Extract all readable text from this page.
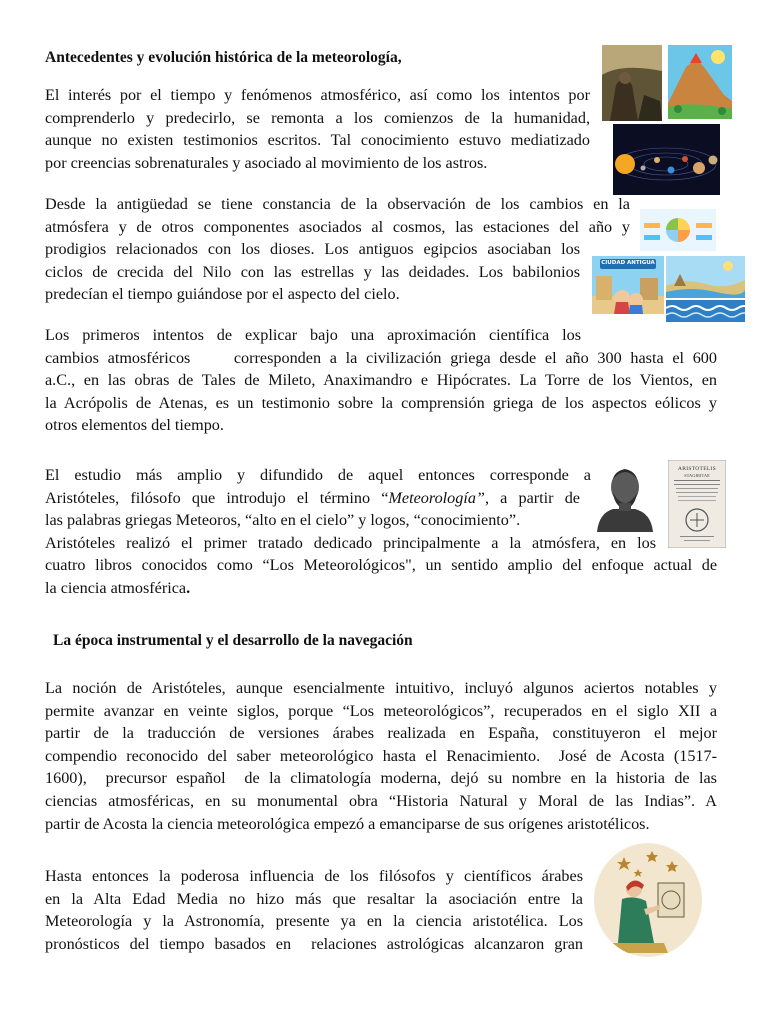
Antecedentes y evolución histórica de la meteorología,

El interés por el tiempo y fenómenos atmosférico, así como los intentos por
comprenderlo y predecirlo, se remonta a los comienzos de la humanidad,
aunque no existen testimonios escritos. Tal conocimiento estuvo mediatizado
por creencias sobrenaturales y asociado al movimiento de los astros.
Desde la antigüedad se tiene constancia de la observación de los cambios en la
atmósfera y de otros componentes asociados al cosmos, las estaciones del año y
prodigios relacionados con los dioses. Los antiguos egipcios asociaban los
ciclos de crecida del Nilo con las estrellas y las deidades. Los babilonios
predecían el tiempo guiándose por el aspecto del cielo.
Los primeros intentos de explicar bajo una aproximación científica los
cambios atmosféricos     corresponden a la civilización griega desde el año 300 hasta el 600
a.C., en las obras de Tales de Mileto, Anaximandro e Hipócrates. La Torre de los Vientos, en
la Acrópolis de Atenas, es un testimonio sobre la comprensión griega de los aspectos eólicos y
otros elementos del tiempo.
El estudio más amplio y difundido de aquel entonces corresponde a
Aristóteles, filósofo que introdujo el término “Meteorología”, a partir de
las palabras griegas Meteoros, “alto en el cielo” y logos, “conocimiento”.
Aristóteles realizó el primer tratado dedicado principalmente a la atmósfera, en los
cuatro libros conocidos como “Los Meteorológicos", un sentido amplio del enfoque actual de
la ciencia atmosférica.

La época instrumental y el desarrollo de la navegación

La noción de Aristóteles, aunque esencialmente intuitivo, incluyó algunos aciertos notables y
permite avanzar en veinte siglos, porque “Los meteorológicos”, recuperados en el siglo XII a
partir de la traducción de versiones árabes realizada en España, constituyeron el mejor
compendio reconocido del saber meteorológico hasta el Renacimiento.  José de Acosta (1517-
1600),  precursor español  de la climatología moderna, dejó su nombre en la historia de las
ciencias atmosféricas, en su monumental obra “Historia Natural y Moral de las Indias”. A
partir de Acosta la ciencia meteorológica empezó a emanciparse de sus orígenes aristotélicos.
Hasta entonces la poderosa influencia de los filósofos y científicos árabes
en la Alta Edad Media no hizo más que resaltar la asociación entre la
Meteorología y la Astronomía, presente ya en la ciencia aristotélica. Los
pronósticos del tiempo basados en  relaciones astrológicas alcanzaron gran
CIUDAD ANTIGUA
ARISTOTELIS
STAGIRITAE
